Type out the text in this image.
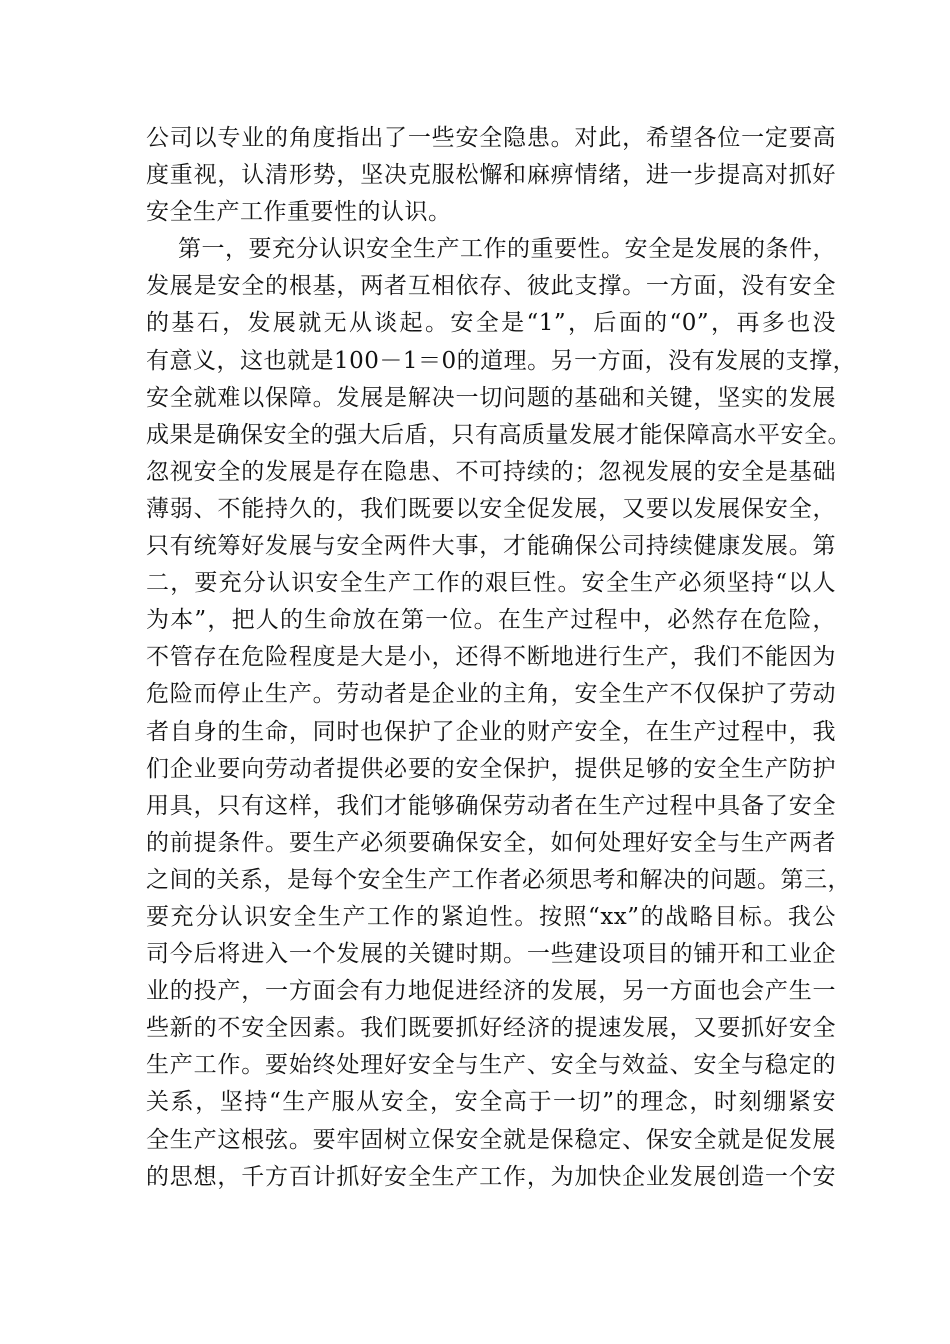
公司以专业的角度指出了一些安全隐患。对此，希望各位一定要高
度重视，认清形势，坚决克服松懈和麻痹情绪，进一步提高对抓好
安全生产工作重要性的认识。
第一，要充分认识安全生产工作的重要性。安全是发展的条件，
发展是安全的根基，两者互相依存、彼此支撑。一方面，没有安全
的基石，发展就无从谈起。安全是“1”，后面的“0”，再多也没
有意义，这也就是100－1＝0的道理。另一方面，没有发展的支撑，
安全就难以保障。发展是解决一切问题的基础和关键，坚实的发展
成果是确保安全的强大后盾，只有高质量发展才能保障高水平安全。
忽视安全的发展是存在隐患、不可持续的；忽视发展的安全是基础
薄弱、不能持久的，我们既要以安全促发展，又要以发展保安全，
只有统筹好发展与安全两件大事，才能确保公司持续健康发展。第
二，要充分认识安全生产工作的艰巨性。安全生产必须坚持“以人
为本”，把人的生命放在第一位。在生产过程中，必然存在危险，
不管存在危险程度是大是小，还得不断地进行生产，我们不能因为
危险而停止生产。劳动者是企业的主角，安全生产不仅保护了劳动
者自身的生命，同时也保护了企业的财产安全，在生产过程中，我
们企业要向劳动者提供必要的安全保护，提供足够的安全生产防护
用具，只有这样，我们才能够确保劳动者在生产过程中具备了安全
的前提条件。要生产必须要确保安全，如何处理好安全与生产两者
之间的关系，是每个安全生产工作者必须思考和解决的问题。第三，
要充分认识安全生产工作的紧迫性。按照“xx”的战略目标。我公
司今后将进入一个发展的关键时期。一些建设项目的铺开和工业企
业的投产，一方面会有力地促进经济的发展，另一方面也会产生一
些新的不安全因素。我们既要抓好经济的提速发展，又要抓好安全
生产工作。要始终处理好安全与生产、安全与效益、安全与稳定的
关系，坚持“生产服从安全，安全高于一切”的理念，时刻绷紧安
全生产这根弦。要牢固树立保安全就是保稳定、保安全就是促发展
的思想，千方百计抓好安全生产工作，为加快企业发展创造一个安
